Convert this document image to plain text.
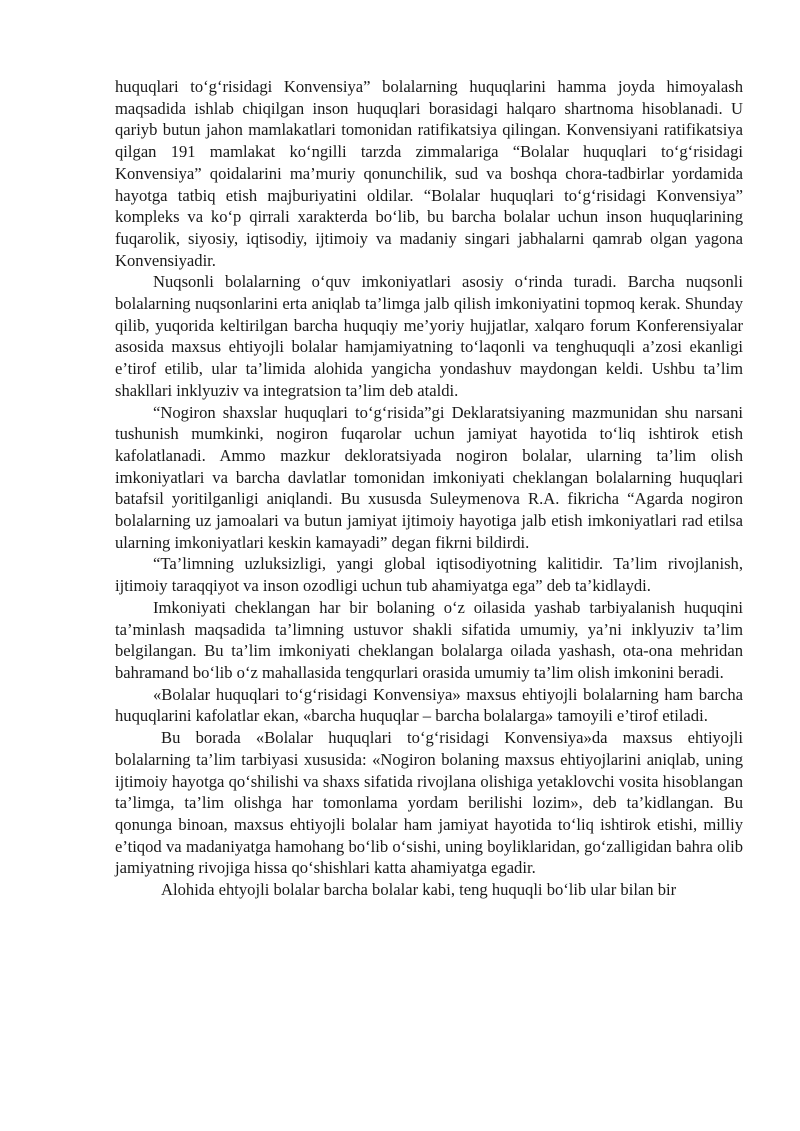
huquqlari to‘g‘risidagi Konvensiya” bolalarning huquqlarini hamma joyda himoyalash maqsadida ishlab chiqilgan inson huquqlari borasidagi halqaro shartnoma hisoblanadi. U qariyb butun jahon mamlakatlari tomonidan ratifikatsiya qilingan. Konvensiyani ratifikatsiya qilgan 191 mamlakat ko‘ngilli tarzda zimmalariga “Bolalar huquqlari to‘g‘risidagi Konvensiya” qoidalarini ma’muriy qonunchilik, sud va boshqa chora-tadbirlar yordamida hayotga tatbiq etish majburiyatini oldilar. “Bolalar huquqlari to‘g‘risidagi Konvensiya” kompleks va ko‘p qirrali xarakterda bo‘lib, bu barcha bolalar uchun inson huquqlarining fuqarolik, siyosiy, iqtisodiy, ijtimoiy va madaniy singari jabhalarni qamrab olgan yagona Konvensiyadir.

Nuqsonli bolalarning o‘quv imkoniyatlari asosiy o‘rinda turadi. Barcha nuqsonli bolalarning nuqsonlarini erta aniqlab ta’limga jalb qilish imkoniyatini topmoq kerak. Shunday qilib, yuqorida keltirilgan barcha huquqiy me’yoriy hujjatlar, xalqaro forum Konferensiyalar asosida maxsus ehtiyojli bolalar hamjamiyatning to‘laqonli va tenghuquqli a’zosi ekanligi e’tirof etilib, ular ta’limida alohida yangicha yondashuv maydongan keldi. Ushbu ta’lim shakllari inklyuziv va integratsion ta’lim deb ataldi.

“Nogiron shaxslar huquqlari to‘g‘risida”gi Deklaratsiyaning mazmunidan shu narsani tushunish mumkinki, nogiron fuqarolar uchun jamiyat hayotida to‘liq ishtirok etish kafolatlanadi. Ammo mazkur dekloratsiyada nogiron bolalar, ularning ta’lim olish imkoniyatlari va barcha davlatlar tomonidan imkoniyati cheklangan bolalarning huquqlari batafsil yoritilganligi aniqlandi. Bu xususda Suleymenova R.A. fikricha “Agarda nogiron bolalarning uz jamoalari va butun jamiyat ijtimoiy hayotiga jalb etish imkoniyatlari rad etilsa ularning imkoniyatlari keskin kamayadi” degan fikrni bildirdi.

“Ta’limning uzluksizligi, yangi global iqtisodiyotning kalitidir. Ta’lim rivojlanish, ijtimoiy taraqqiyot va inson ozodligi uchun tub ahamiyatga ega” deb ta’kidlaydi.

Imkoniyati cheklangan har bir bolaning o‘z oilasida yashab tarbiyalanish huquqini ta’minlash maqsadida ta’limning ustuvor shakli sifatida umumiy, ya’ni inklyuziv ta’lim belgilangan. Bu ta’lim imkoniyati cheklangan bolalarga oilada yashash, ota-ona mehridan bahramand bo‘lib o‘z mahallasida tengqurlari orasida umumiy ta’lim olish imkonini beradi.

«Bolalar huquqlari to‘g‘risidagi Konvensiya» maxsus ehtiyojli bolalarning ham barcha huquqlarini kafolatlar ekan, «barcha huquqlar – barcha bolalarga» tamoyili e’tirof etiladi.

Bu borada «Bolalar huquqlari to‘g‘risidagi Konvensiya»da maxsus ehtiyojli bolalarning ta’lim tarbiyasi xususida: «Nogiron bolaning maxsus ehtiyojlarini aniqlab, uning ijtimoiy hayotga qo‘shilishi va shaxs sifatida rivojlana olishiga yetaklovchi vosita hisoblangan ta’limga, ta’lim olishga har tomonlama yordam berilishi lozim», deb ta’kidlangan. Bu qonunga binoan, maxsus ehtiyojli bolalar ham jamiyat hayotida to‘liq ishtirok etishi, milliy e’tiqod va madaniyatga hamohang bo‘lib o‘sishi, uning boyliklaridan, go‘zalligidan bahra olib jamiyatning rivojiga hissa qo‘shishlari katta ahamiyatga egadir.

Alohida ehtyojli bolalar barcha bolalar kabi, teng huquqli bo‘lib ular bilan bir
